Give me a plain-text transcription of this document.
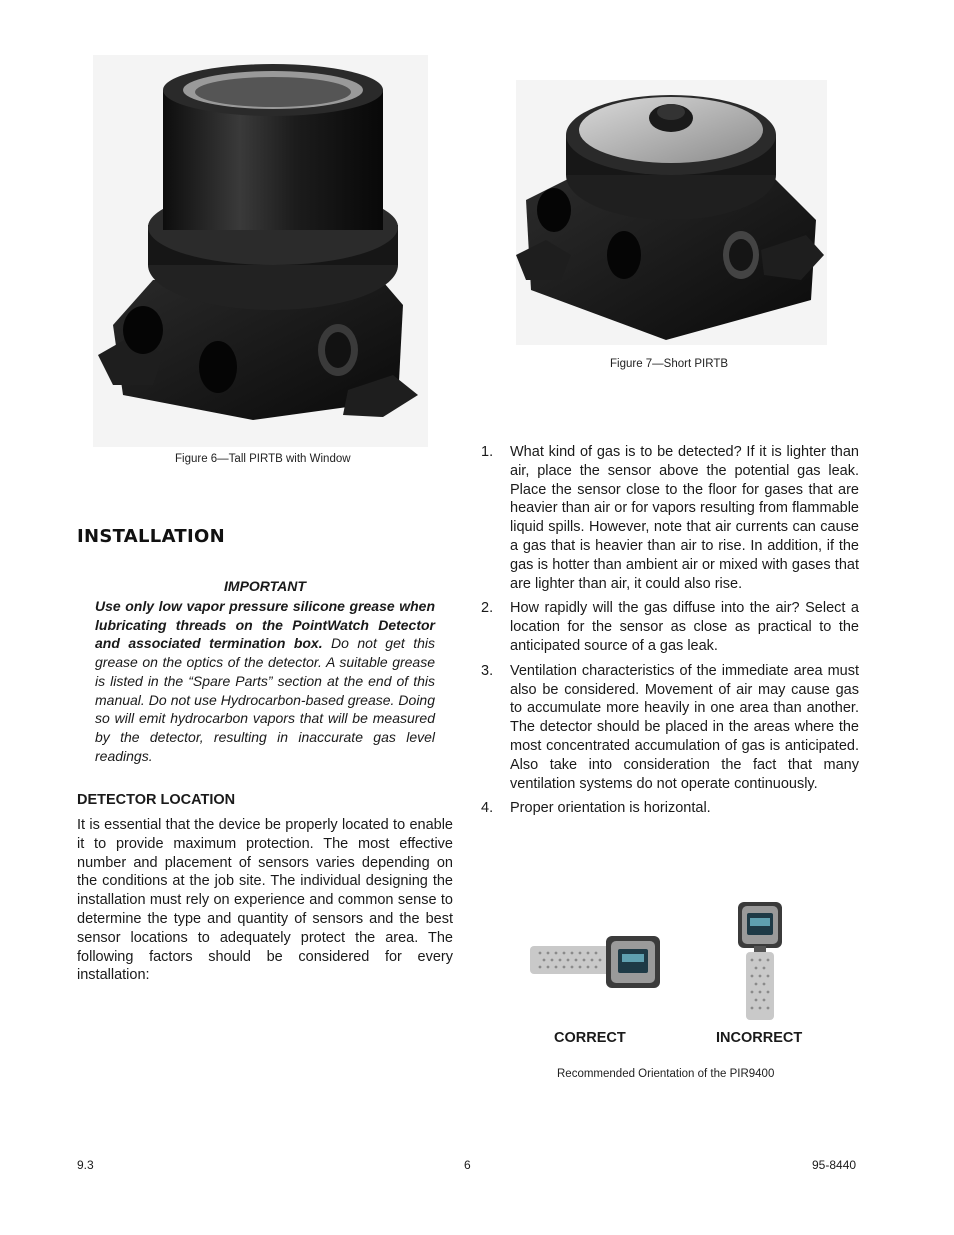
Figure 6—Tall PIRTB with Window
Figure 7—Short PIRTB
INSTALLATION
IMPORTANT
Use only low vapor pressure silicone grease when lubricating threads on the PointWatch Detector and associated termination box. Do not get this grease on the optics of the detector. A suitable grease is listed in the “Spare Parts” section at the end of this manual. Do not use Hydrocarbon-based grease. Doing so will emit hydrocarbon vapors that will be measured by the detector, resulting in inaccurate gas level readings.
DETECTOR LOCATION

It is essential that the device be properly located to enable it to provide maximum protection. The most effective number and placement of sensors varies depending on the conditions at the job site. The individual designing the installation must rely on experience and common sense to determine the type and quantity of sensors and the best sensor locations to adequately protect the area. The following factors should be considered for every installation:

1. What kind of gas is to be detected? If it is lighter than air, place the sensor above the potential gas leak. Place the sensor close to the floor for gases that are heavier than air or for vapors resulting from flammable liquid spills. However, note that air currents can cause a gas that is heavier than air to rise. In addition, if the gas is hotter than ambient air or mixed with gases that are lighter than air, it could also rise.
2. How rapidly will the gas diffuse into the air? Select a location for the sensor as close as practical to the anticipated source of a gas leak.
3. Ventilation characteristics of the immediate area must also be considered. Movement of air may cause gas to accumulate more heavily in one area than another. The detector should be placed in the areas where the most concentrated accumulation of gas is anticipated. Also take into consideration the fact that many ventilation systems do not operate continuously.
4. Proper orientation is horizontal.
CORRECT	INCORRECT
Recommended Orientation of the PIR9400
9.3	6	95-8440
